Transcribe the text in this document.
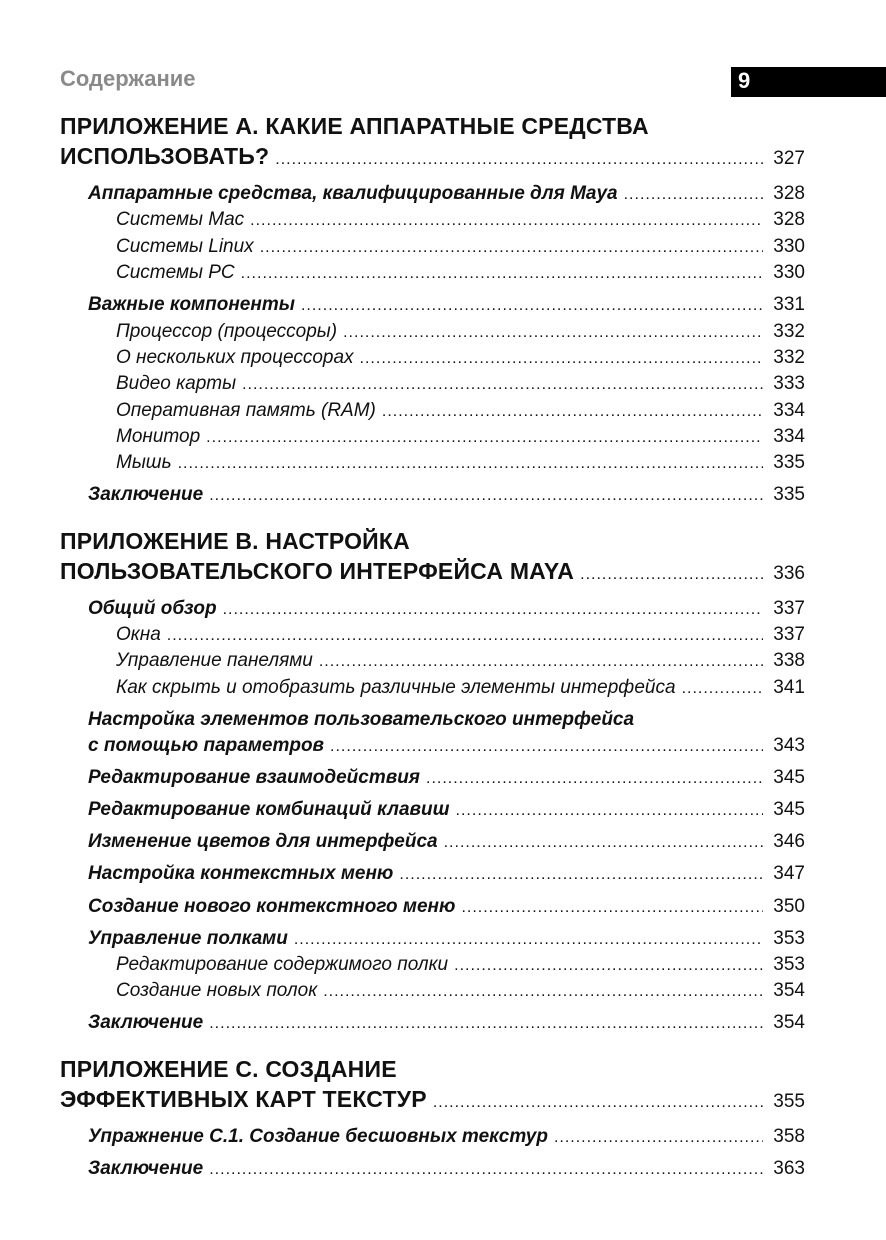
Содержание	9
ПРИЛОЖЕНИЕ А. КАКИЕ АППАРАТНЫЕ СРЕДСТВА
ИСПОЛЬЗОВАТЬ? .....	327
Аппаратные средства, квалифицированные для Maya .....	328
Системы Mac .....	328
Системы Linux .....	330
Системы PC .....	330
Важные компоненты .....	331
Процессор (процессоры) .....	332
О нескольких процессорах .....	332
Видео карты .....	333
Оперативная память (RAM) .....	334
Монитор .....	334
Мышь .....	335
Заключение .....	335
ПРИЛОЖЕНИЕ B. НАСТРОЙКА
ПОЛЬЗОВАТЕЛЬСКОГО ИНТЕРФЕЙСА MAYA .....	336
Общий обзор .....	337
Окна .....	337
Управление панелями .....	338
Как скрыть и отобразить различные элементы интерфейса .....	341
Настройка элементов пользовательского интерфейса
с помощью параметров .....	343
Редактирование взаимодействия .....	345
Редактирование комбинаций клавиш .....	345
Изменение цветов для интерфейса .....	346
Настройка контекстных меню .....	347
Создание нового контекстного меню .....	350
Управление полками .....	353
Редактирование содержимого полки .....	353
Создание новых полок .....	354
Заключение .....	354
ПРИЛОЖЕНИЕ C. СОЗДАНИЕ
ЭФФЕКТИВНЫХ КАРТ ТЕКСТУР .....	355
Упражнение С.1. Создание бесшовных текстур .....	358
Заключение .....	363
